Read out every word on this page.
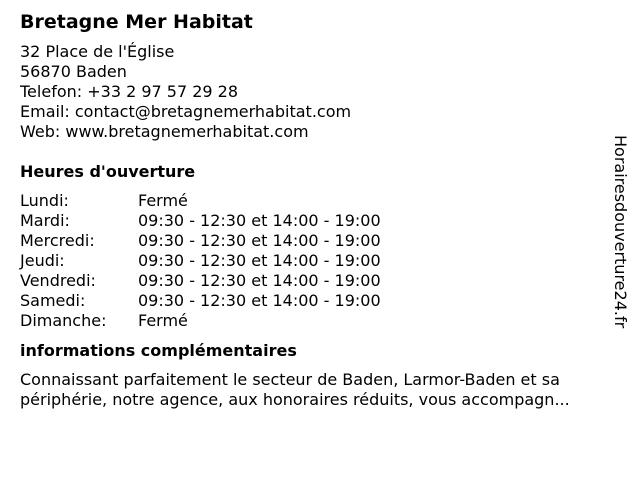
Bretagne Mer Habitat
32 Place de l'Église
56870 Baden
Telefon: +33 2 97 57 29 28
Email: contact@bretagnemerhabitat.com
Web: www.bretagnemerhabitat.com
Heures d'ouverture
Lundi:	Fermé
Mardi:	09:30 - 12:30 et 14:00 - 19:00
Mercredi:	09:30 - 12:30 et 14:00 - 19:00
Jeudi:	09:30 - 12:30 et 14:00 - 19:00
Vendredi:	09:30 - 12:30 et 14:00 - 19:00
Samedi:	09:30 - 12:30 et 14:00 - 19:00
Dimanche:	Fermé
informations complémentaires
Connaissant parfaitement le secteur de Baden, Larmor-Baden et sa
périphérie, notre agence, aux honoraires réduits, vous accompagn...
Horairesdouverture24.fr
